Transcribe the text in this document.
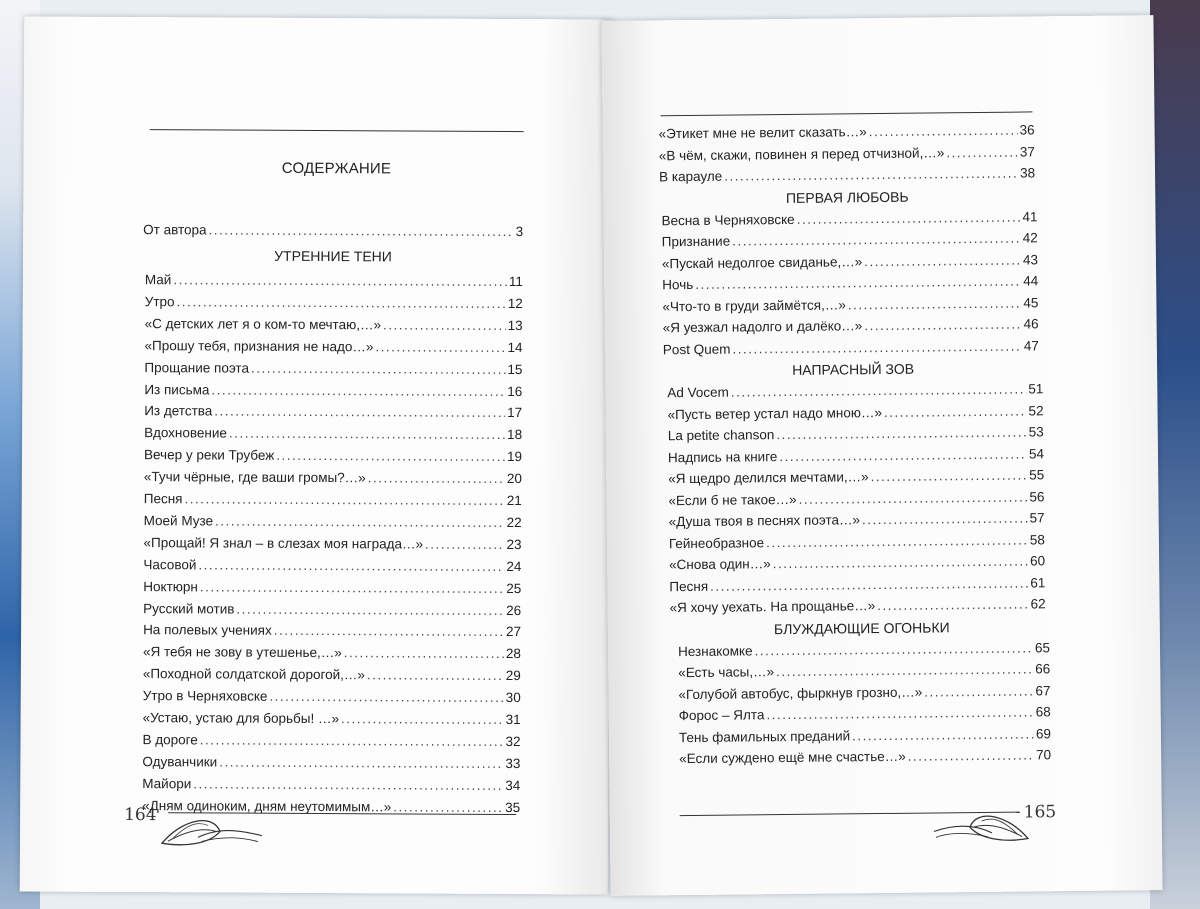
СОДЕРЖАНИЕ
От автора .....	3
УТРЕННИЕ ТЕНИ
Май .....	11
Утро .....	12
«С детских лет я о ком-то мечтаю,…» .....	13
«Прошу тебя, признания не надо…» .....	14
Прощание поэта .....	15
Из письма .....	16
Из детства .....	17
Вдохновение .....	18
Вечер у реки Трубеж .....	19
«Тучи чёрные, где ваши громы?…» .....	20
Песня .....	21
Моей Музе .....	22
«Прощай! Я знал – в слезах моя награда…» .....	23
Часовой .....	24
Ноктюрн .....	25
Русский мотив .....	26
На полевых учениях .....	27
«Я тебя не зову в утешенье,…» .....	28
«Походной солдатской дорогой,…» .....	29
Утро в Черняховске .....	30
«Устаю, устаю для борьбы! …» .....	31
В дороге .....	32
Одуванчики .....	33
Майори .....	34
«Дням одиноким, дням неутомимым…» .....	35
164
«Этикет мне не велит сказать…» .....	36
«В чём, скажи, повинен я перед отчизной,…» .....	37
В карауле .....	38
ПЕРВАЯ ЛЮБОВЬ
Весна в Черняховске .....	41
Признание .....	42
«Пускай недолгое свиданье,…» .....	43
Ночь .....	44
«Что-то в груди займётся,…» .....	45
«Я уезжал надолго и далёко…» .....	46
Post Quem .....	47
НАПРАСНЫЙ ЗОВ
Ad Vocem .....	51
«Пусть ветер устал надо мною…» .....	52
La petite chanson .....	53
Надпись на книге .....	54
«Я щедро делился мечтами,…» .....	55
«Если б не такое…» .....	56
«Душа твоя в песнях поэта…» .....	57
Гейнеобразное .....	58
«Снова один…» .....	60
Песня .....	61
«Я хочу уехать. На прощанье…» .....	62
БЛУЖДАЮЩИЕ ОГОНЬКИ
Незнакомке .....	65
«Есть часы,…» .....	66
«Голубой автобус, фыркнув грозно,…» .....	67
Форос – Ялта .....	68
Тень фамильных преданий .....	69
«Если суждено ещё мне счастье…» .....	70
165
